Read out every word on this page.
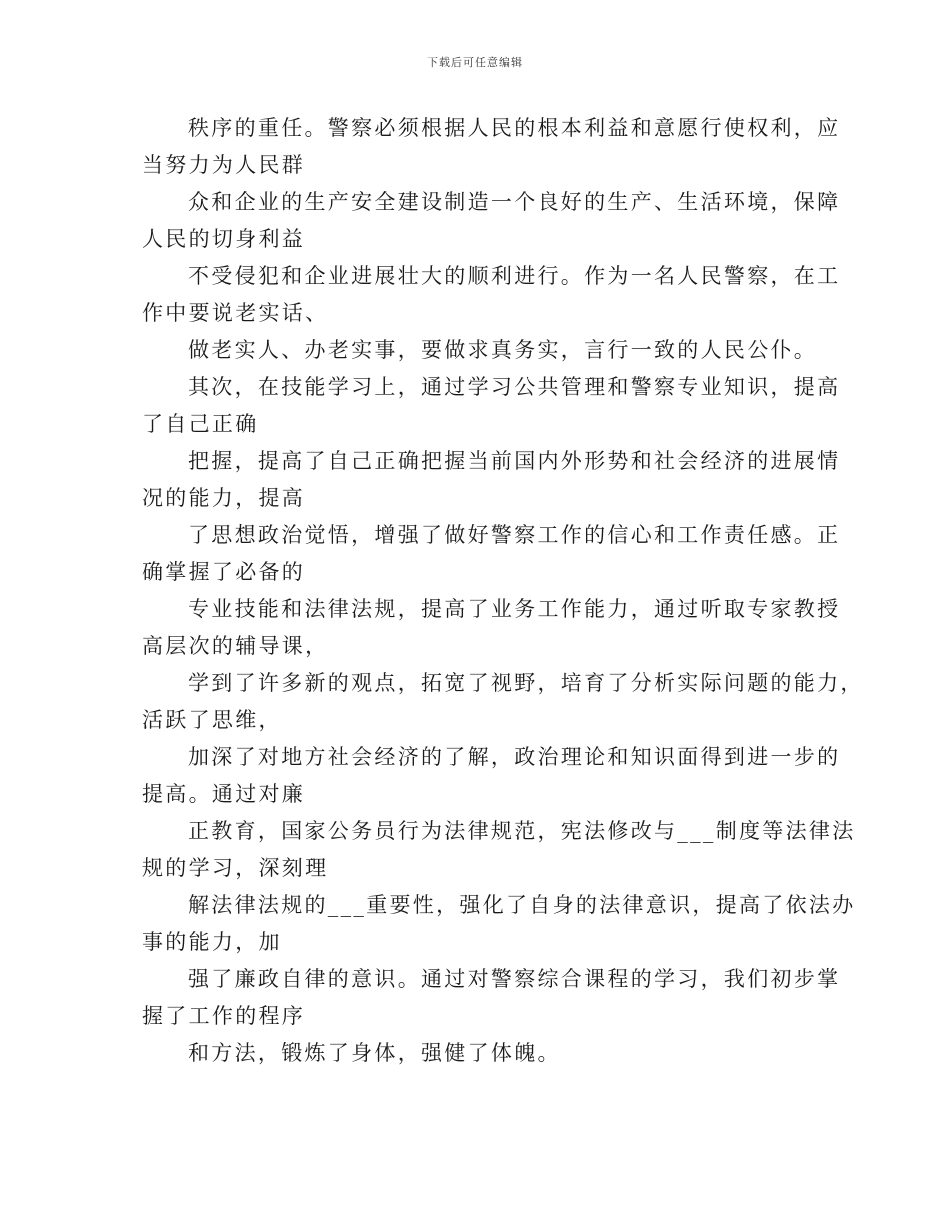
下载后可任意编辑

秩序的重任。警察必须根据人民的根本利益和意愿行使权利，应
当努力为人民群

众和企业的生产安全建设制造一个良好的生产、生活环境，保障
人民的切身利益

不受侵犯和企业进展壮大的顺利进行。作为一名人民警察，在工
作中要说老实话、

做老实人、办老实事，要做求真务实，言行一致的人民公仆。

其次，在技能学习上，通过学习公共管理和警察专业知识，提高
了自己正确

把握，提高了自己正确把握当前国内外形势和社会经济的进展情
况的能力，提高

了思想政治觉悟，增强了做好警察工作的信心和工作责任感。正
确掌握了必备的

专业技能和法律法规，提高了业务工作能力，通过听取专家教授
高层次的辅导课，

学到了许多新的观点，拓宽了视野，培育了分析实际问题的能力，
活跃了思维，

加深了对地方社会经济的了解，政治理论和知识面得到进一步的
提高。通过对廉

正教育，国家公务员行为法律规范，宪法修改与___制度等法律法
规的学习，深刻理

解法律法规的___重要性，强化了自身的法律意识，提高了依法办
事的能力，加

强了廉政自律的意识。通过对警察综合课程的学习，我们初步掌
握了工作的程序

和方法，锻炼了身体，强健了体魄。
